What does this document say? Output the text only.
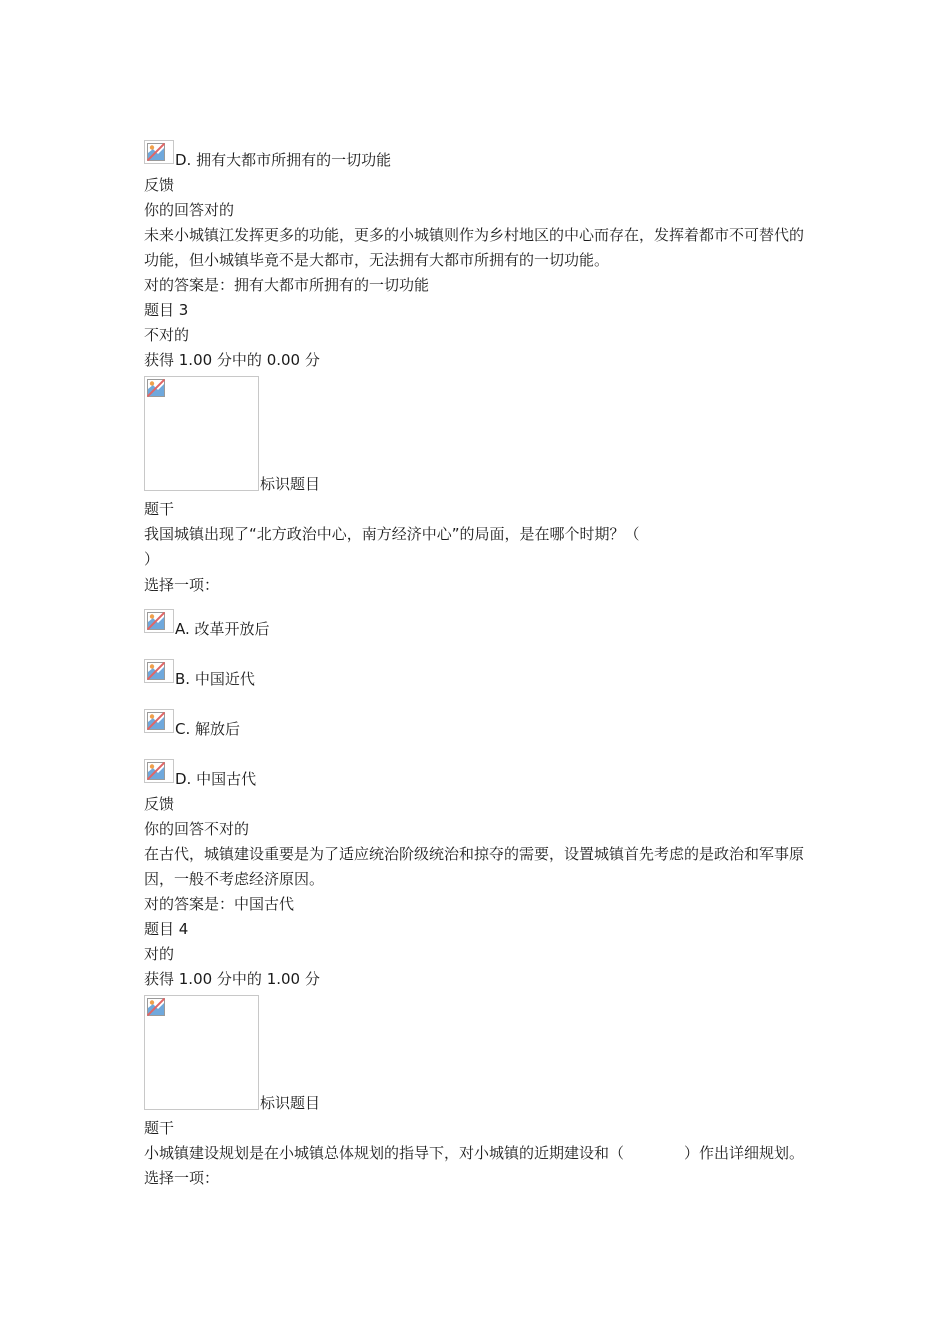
D. 拥有大都市所拥有的一切功能
反馈
你的回答对的
未来小城镇江发挥更多的功能，更多的小城镇则作为乡村地区的中心而存在，发挥着都市不可替代的功能，但小城镇毕竟不是大都市，无法拥有大都市所拥有的一切功能。
对的答案是：拥有大都市所拥有的一切功能
题目 3
不对的
获得 1.00 分中的 0.00 分
标识题目
题干
我国城镇出现了“北方政治中心，南方经济中心”的局面，是在哪个时期？（
）
选择一项：
A. 改革开放后
B. 中国近代
C. 解放后
D. 中国古代
反馈
你的回答不对的
在古代，城镇建设重要是为了适应统治阶级统治和掠夺的需要，设置城镇首先考虑的是政治和军事原因，一般不考虑经济原因。
对的答案是：中国古代
题目 4
对的
获得 1.00 分中的 1.00 分
标识题目
题干
小城镇建设规划是在小城镇总体规划的指导下，对小城镇的近期建设和（　　　　）作出详细规划。
选择一项：
